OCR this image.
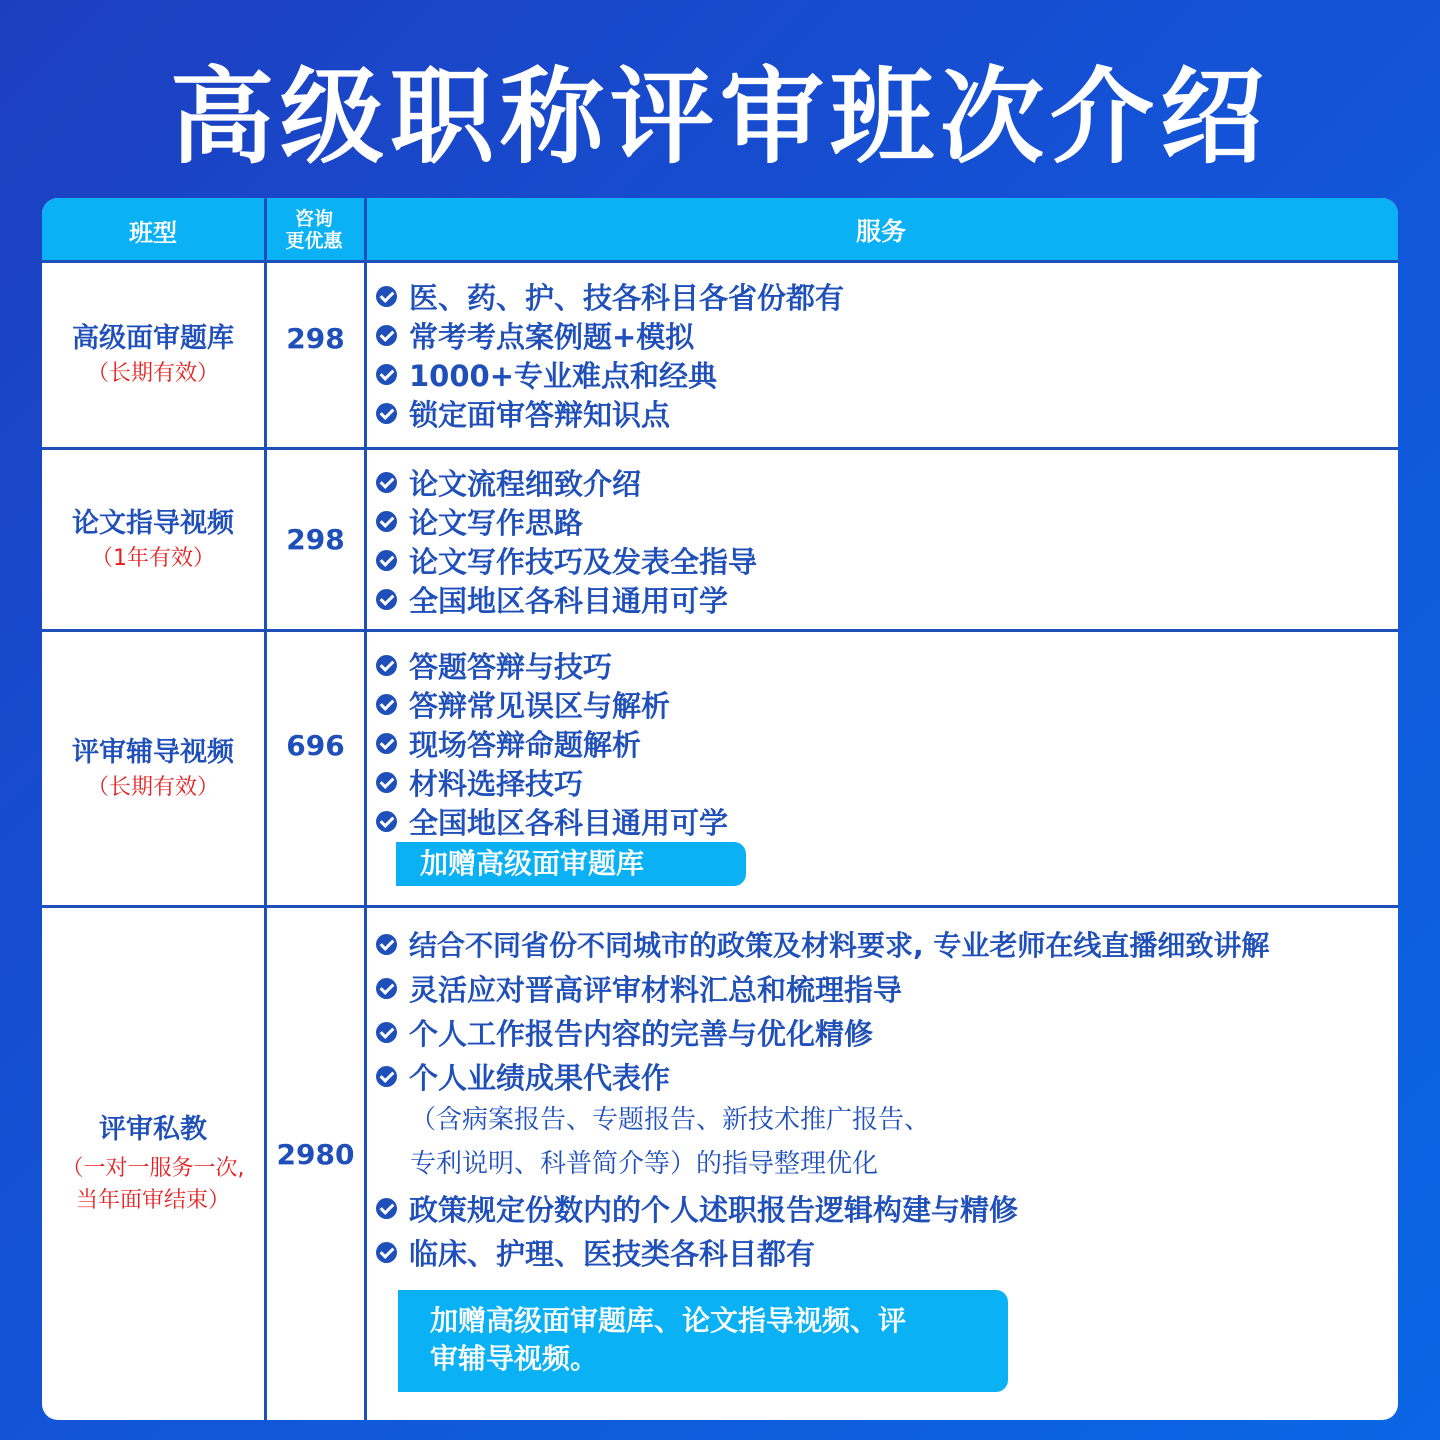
高级职称评审班次介绍
班型	咨询
更优惠	服务
高级面审题库
（长期有效）
298
医、药、护、技各科目各省份都有
常考考点案例题+模拟
1000+专业难点和经典
锁定面审答辩知识点
论文指导视频
（1年有效）
298
论文流程细致介绍
论文写作思路
论文写作技巧及发表全指导
全国地区各科目通用可学
评审辅导视频
（长期有效）
696
答题答辩与技巧
答辩常见误区与解析
现场答辩命题解析
材料选择技巧
全国地区各科目通用可学
加赠高级面审题库
评审私教
（一对一服务一次,
当年面审结束）
2980
结合不同省份不同城市的政策及材料要求, 专业老师在线直播细致讲解
灵活应对晋高评审材料汇总和梳理指导
个人工作报告内容的完善与优化精修
个人业绩成果代表作
（含病案报告、专题报告、新技术推广报告、
专利说明、科普简介等）的指导整理优化
政策规定份数内的个人述职报告逻辑构建与精修
临床、护理、医技类各科目都有
加赠高级面审题库、论文指导视频、评
审辅导视频。
